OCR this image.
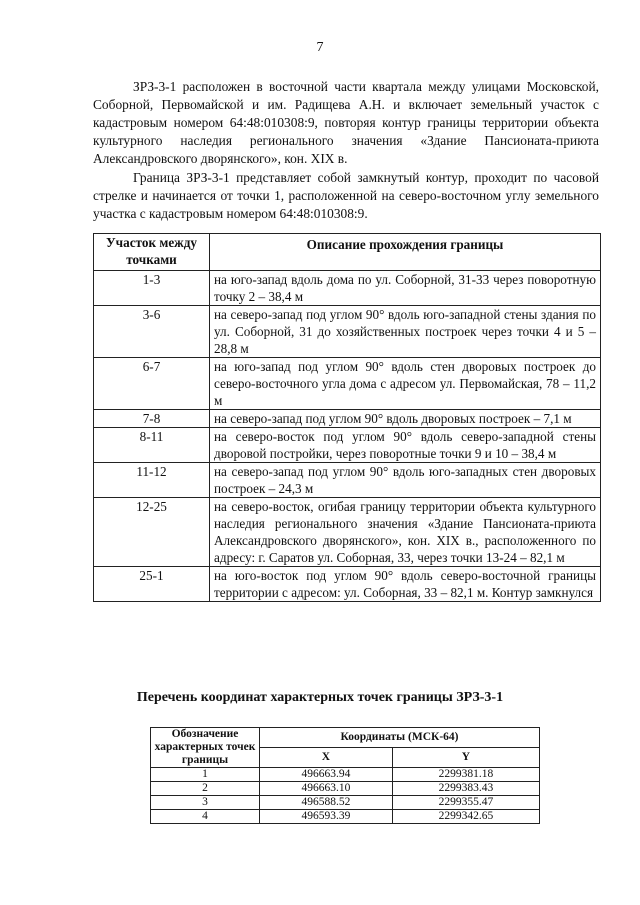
7

ЗРЗ-3-1 расположен в восточной части квартала между улицами Московской, Соборной, Первомайской и им. Радищева А.Н. и включает земельный участок с кадастровым номером 64:48:010308:9, повторяя контур границы территории объекта культурного наследия регионального значения «Здание Пансионата-приюта Александровского дворянского», кон. XIX в.

Граница ЗРЗ-3-1 представляет собой замкнутый контур, проходит по часовой стрелке и начинается от точки 1, расположенной на северо-восточном углу земельного участка с кадастровым номером 64:48:010308:9.

Участок между точками	Описание прохождения границы
1-3	на юго-запад вдоль дома по ул. Соборной, 31-33 через поворотную точку 2 – 38,4 м
3-6	на северо-запад под углом 90° вдоль юго-западной стены здания по ул. Соборной, 31 до хозяйственных построек через точки 4 и 5 – 28,8 м
6-7	на юго-запад под углом 90° вдоль стен дворовых построек до северо-восточного угла дома с адресом ул. Первомайская, 78 – 11,2 м
7-8	на северо-запад под углом 90° вдоль дворовых построек – 7,1 м
8-11	на северо-восток под углом 90° вдоль северо-западной стены дворовой постройки, через поворотные точки 9 и 10 – 38,4 м
11-12	на северо-запад под углом 90° вдоль юго-западных стен дворовых построек – 24,3 м
12-25	на северо-восток, огибая границу территории объекта культурного наследия регионального значения «Здание Пансионата-приюта Александровского дворянского», кон. XIX в., расположенного по адресу: г. Саратов ул. Соборная, 33, через точки 13-24 – 82,1 м
25-1	на юго-восток под углом 90° вдоль северо-восточной границы территории с адресом: ул. Соборная, 33 – 82,1 м. Контур замкнулся
Перечень координат характерных точек границы ЗРЗ-3-1
Обозначение характерных точек границы	Координаты (МСК-64)	
	X	Y
1	496663.94	2299381.18
2	496663.10	2299383.43
3	496588.52	2299355.47
4	496593.39	2299342.65
